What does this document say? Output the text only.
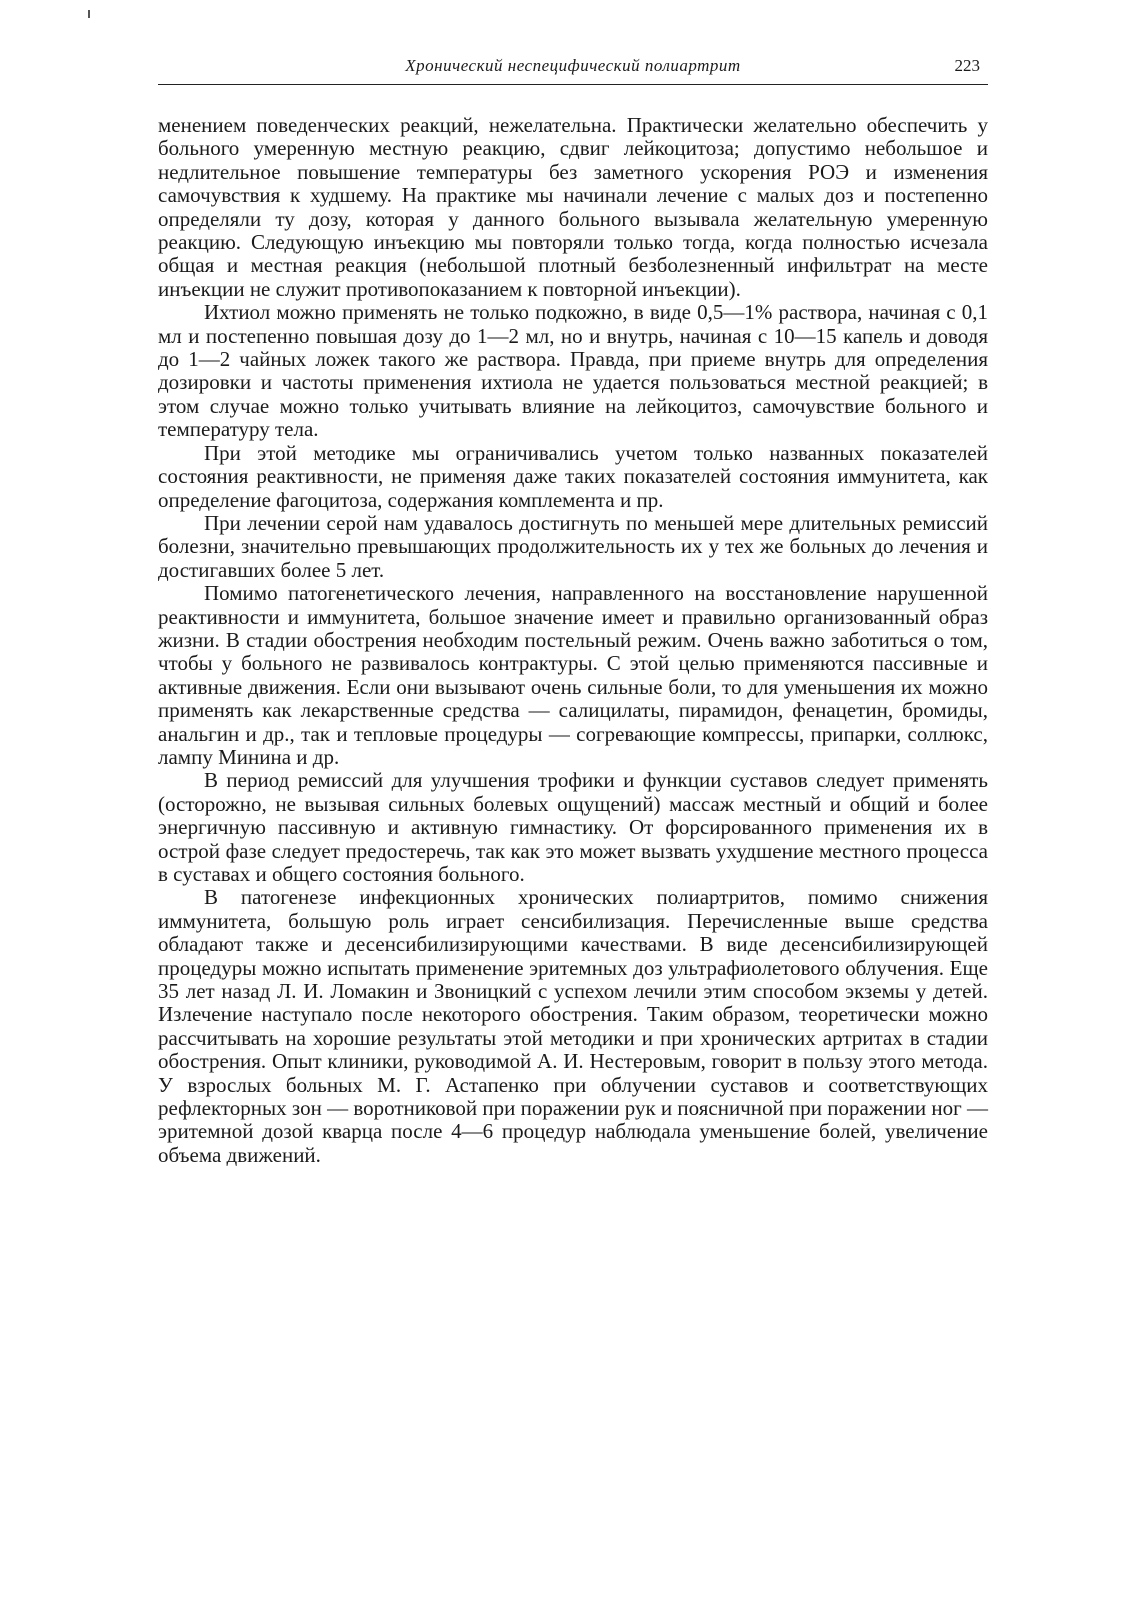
Хронический неспецифический полиартрит	223

менением поведенческих реакций, нежелательна. Практически желательно обеспечить у больного умеренную местную реакцию, сдвиг лейкоцитоза; допустимо небольшое и недлительное повышение температуры без заметного ускорения РОЭ и изменения самочувствия к худшему. На практике мы начинали лечение с малых доз и постепенно определяли ту дозу, которая у данного больного вызывала желательную умеренную реакцию. Следующую инъекцию мы повторяли только тогда, когда полностью исчезала общая и местная реакция (небольшой плотный безболезненный инфильтрат на месте инъекции не служит противопоказанием к повторной инъекции).

Ихтиол можно применять не только подкожно, в виде 0,5—1% раствора, начиная с 0,1 мл и постепенно повышая дозу до 1—2 мл, но и внутрь, начиная с 10—15 капель и доводя до 1—2 чайных ложек такого же раствора. Правда, при приеме внутрь для определения дозировки и частоты применения ихтиола не удается пользоваться местной реакцией; в этом случае можно только учитывать влияние на лейкоцитоз, самочувствие больного и температуру тела.

При этой методике мы ограничивались учетом только названных показателей состояния реактивности, не применяя даже таких показателей состояния иммунитета, как определение фагоцитоза, содержания комплемента и пр.

При лечении серой нам удавалось достигнуть по меньшей мере длительных ремиссий болезни, значительно превышающих продолжительность их у тех же больных до лечения и достигавших более 5 лет.

Помимо патогенетического лечения, направленного на восстановление нарушенной реактивности и иммунитета, большое значение имеет и правильно организованный образ жизни. В стадии обострения необходим постельный режим. Очень важно заботиться о том, чтобы у больного не развивалось контрактуры. С этой целью применяются пассивные и активные движения. Если они вызывают очень сильные боли, то для уменьшения их можно применять как лекарственные средства — салицилаты, пирамидон, фенацетин, бромиды, анальгин и др., так и тепловые процедуры — согревающие компрессы, припарки, соллюкс, лампу Минина и др.

В период ремиссий для улучшения трофики и функции суставов следует применять (осторожно, не вызывая сильных болевых ощущений) массаж местный и общий и более энергичную пассивную и активную гимнастику. От форсированного применения их в острой фазе следует предостеречь, так как это может вызвать ухудшение местного процесса в суставах и общего состояния больного.

В патогенезе инфекционных хронических полиартритов, помимо снижения иммунитета, большую роль играет сенсибилизация. Перечисленные выше средства обладают также и десенсибилизирующими качествами. В виде десенсибилизирующей процедуры можно испытать применение эритемных доз ультрафиолетового облучения. Еще 35 лет назад Л. И. Ломакин и Звоницкий с успехом лечили этим способом экземы у детей. Излечение наступало после некоторого обострения. Таким образом, теоретически можно рассчитывать на хорошие результаты этой методики и при хронических артритах в стадии обострения. Опыт клиники, руководимой А. И. Нестеровым, говорит в пользу этого метода. У взрослых больных М. Г. Астапенко при облучении суставов и соответствующих рефлекторных зон — воротниковой при поражении рук и поясничной при поражении ног — эритемной дозой кварца после 4—6 процедур наблюдала уменьшение болей, увеличение объема движений.
